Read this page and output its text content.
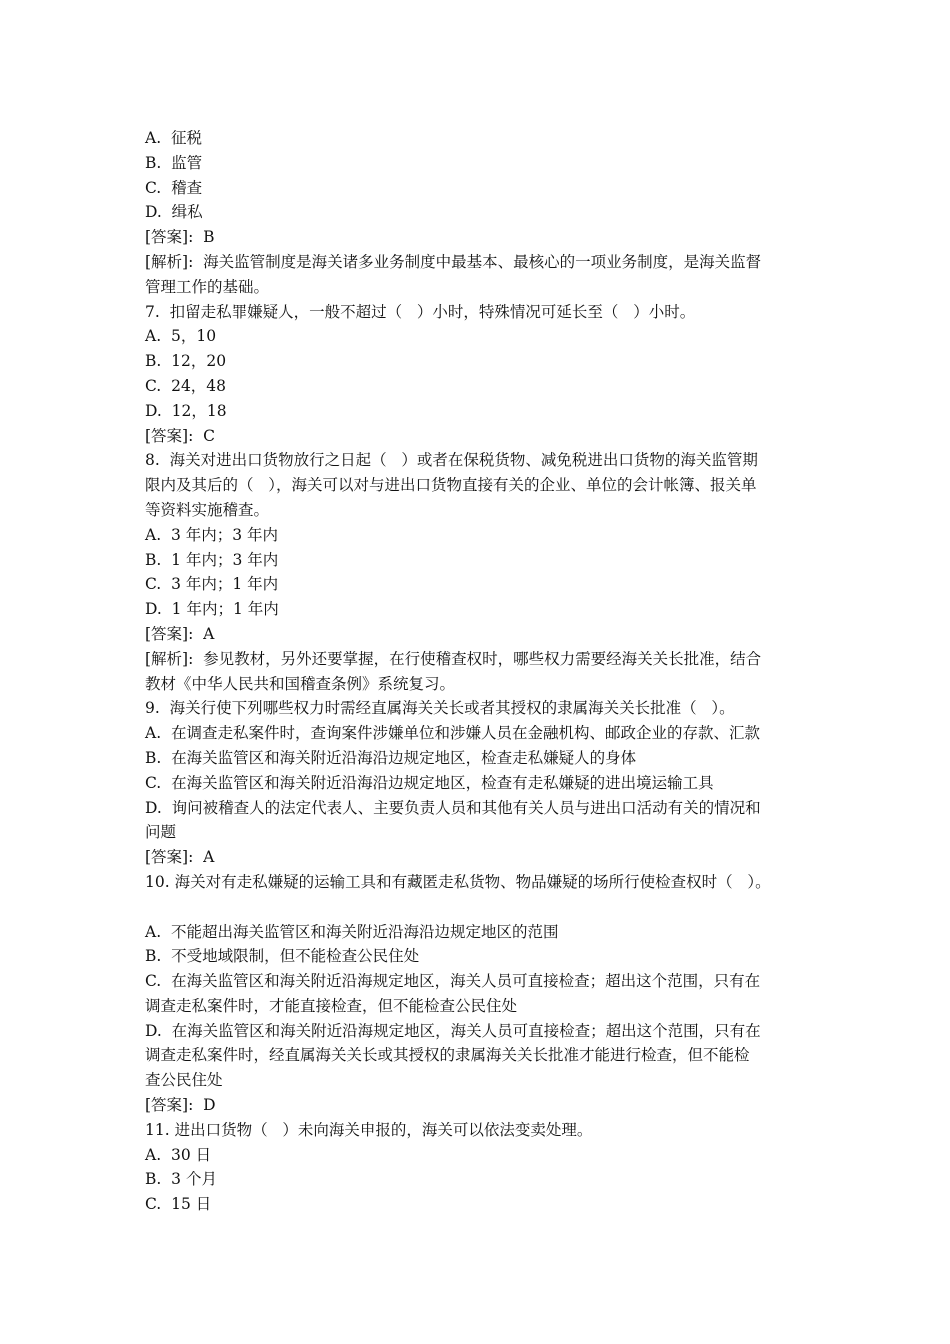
A.  征税
B.  监管
C.  稽查
D.  缉私
[答案]:  B
[解析]:  海关监管制度是海关诸多业务制度中最基本、最核心的一项业务制度，是海关监督
管理工作的基础。
7.  扣留走私罪嫌疑人，一般不超过（   ）小时，特殊情况可延长至（   ）小时。
A.  5，10
B.  12，20
C.  24，48
D.  12，18
[答案]:  C
8.  海关对进出口货物放行之日起（   ）或者在保税货物、减免税进出口货物的海关监管期
限内及其后的（   ），海关可以对与进出口货物直接有关的企业、单位的会计帐簿、报关单
等资料实施稽查。
A.  3 年内；3 年内
B.  1 年内；3 年内
C.  3 年内；1 年内
D.  1 年内；1 年内
[答案]:  A
[解析]:  参见教材，另外还要掌握，在行使稽查权时，哪些权力需要经海关关长批准，结合
教材《中华人民共和国稽查条例》系统复习。
9.  海关行使下列哪些权力时需经直属海关关长或者其授权的隶属海关关长批准（   ）。
A.  在调查走私案件时，查询案件涉嫌单位和涉嫌人员在金融机构、邮政企业的存款、汇款
B.  在海关监管区和海关附近沿海沿边规定地区，检查走私嫌疑人的身体
C.  在海关监管区和海关附近沿海沿边规定地区，检查有走私嫌疑的进出境运输工具
D.  询问被稽查人的法定代表人、主要负责人员和其他有关人员与进出口活动有关的情况和
问题
[答案]:  A
10. 海关对有走私嫌疑的运输工具和有藏匿走私货物、物品嫌疑的场所行使检查权时（   ）。
A.  不能超出海关监管区和海关附近沿海沿边规定地区的范围
B.  不受地域限制，但不能检查公民住处
C.  在海关监管区和海关附近沿海规定地区，海关人员可直接检查；超出这个范围，只有在
调查走私案件时，才能直接检查，但不能检查公民住处
D.  在海关监管区和海关附近沿海规定地区，海关人员可直接检查；超出这个范围，只有在
调查走私案件时，经直属海关关长或其授权的隶属海关关长批准才能进行检查，但不能检
查公民住处
[答案]:  D
11. 进出口货物（   ）未向海关申报的，海关可以依法变卖处理。
A.  30 日
B.  3 个月
C.  15 日
